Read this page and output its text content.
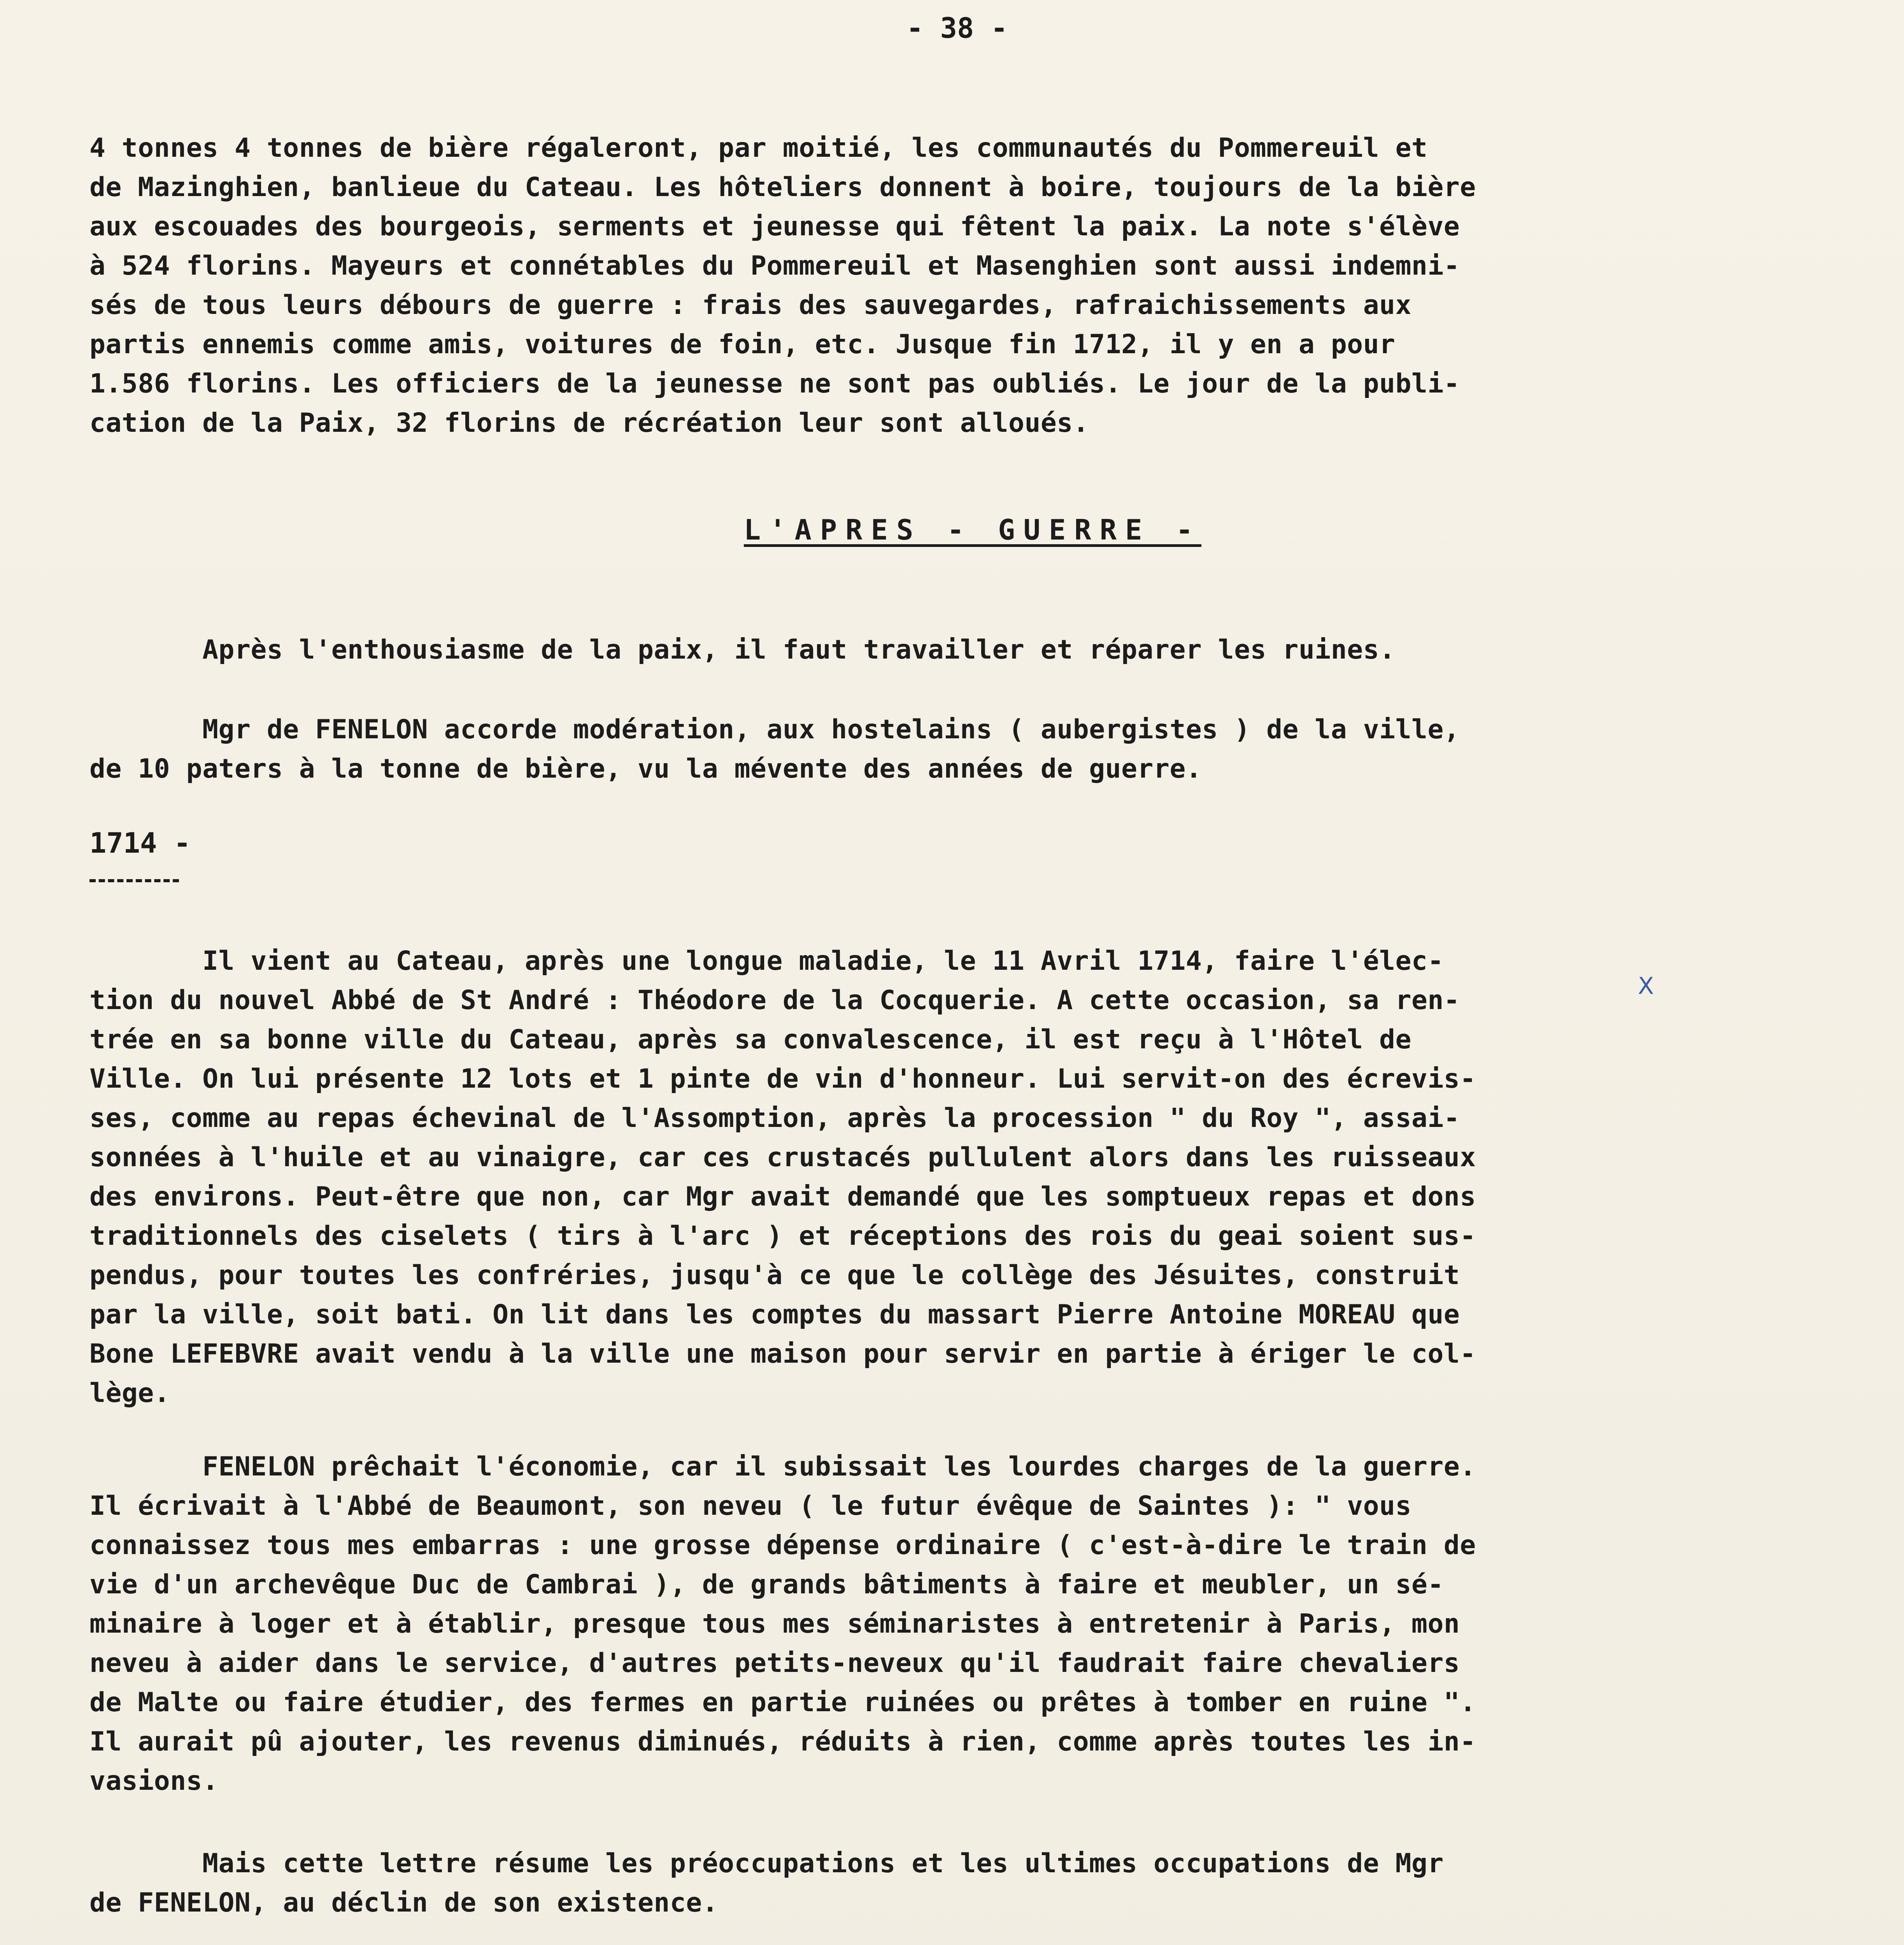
- 38 -
4 tonnes 4 tonnes de bière régaleront, par moitié, les communautés du Pommereuil et
de Mazinghien, banlieue du Cateau. Les hôteliers donnent à boire, toujours de la bière
aux escouades des bourgeois, serments et jeunesse qui fêtent la paix. La note s'élève
à 524 florins. Mayeurs et connétables du Pommereuil et Masenghien sont aussi indemni-
sés de tous leurs débours de guerre : frais des sauvegardes, rafraichissements aux
partis ennemis comme amis, voitures de foin, etc. Jusque fin 1712, il y en a pour
1.586 florins. Les officiers de la jeunesse ne sont pas oubliés. Le jour de la publi-
cation de la Paix, 32 florins de récréation leur sont alloués.
L'APRES - GUERRE -
Après l'enthousiasme de la paix, il faut travailler et réparer les ruines.
Mgr de FENELON accorde modération, aux hostelains ( aubergistes ) de la ville,
de 10 paters à la tonne de bière, vu la mévente des années de guerre.
1714 -
Il vient au Cateau, après une longue maladie, le 11 Avril 1714, faire l'élec-
tion du nouvel Abbé de St André : Théodore de la Cocquerie. A cette occasion, sa ren-
trée en sa bonne ville du Cateau, après sa convalescence, il est reçu à l'Hôtel de
Ville. On lui présente 12 lots et 1 pinte de vin d'honneur. Lui servit-on des écrevis-
ses, comme au repas échevinal de l'Assomption, après la procession " du Roy ", assai-
sonnées à l'huile et au vinaigre, car ces crustacés pullulent alors dans les ruisseaux
des environs. Peut-être que non, car Mgr avait demandé que les somptueux repas et dons
traditionnels des ciselets ( tirs à l'arc ) et réceptions des rois du geai soient sus-
pendus, pour toutes les confréries, jusqu'à ce que le collège des Jésuites, construit
par la ville, soit bati. On lit dans les comptes du massart Pierre Antoine MOREAU que
Bone LEFEBVRE avait vendu à la ville une maison pour servir en partie à ériger le col-
lège.
FENELON prêchait l'économie, car il subissait les lourdes charges de la guerre.
Il écrivait à l'Abbé de Beaumont, son neveu ( le futur évêque de Saintes ): " vous
connaissez tous mes embarras : une grosse dépense ordinaire ( c'est-à-dire le train de
vie d'un archevêque Duc de Cambrai ), de grands bâtiments à faire et meubler, un sé-
minaire à loger et à établir, presque tous mes séminaristes à entretenir à Paris, mon
neveu à aider dans le service, d'autres petits-neveux qu'il faudrait faire chevaliers
de Malte ou faire étudier, des fermes en partie ruinées ou prêtes à tomber en ruine ".
Il aurait pû ajouter, les revenus diminués, réduits à rien, comme après toutes les in-
vasions.
Mais cette lettre résume les préoccupations et les ultimes occupations de Mgr
de FENELON, au déclin de son existence.
X
